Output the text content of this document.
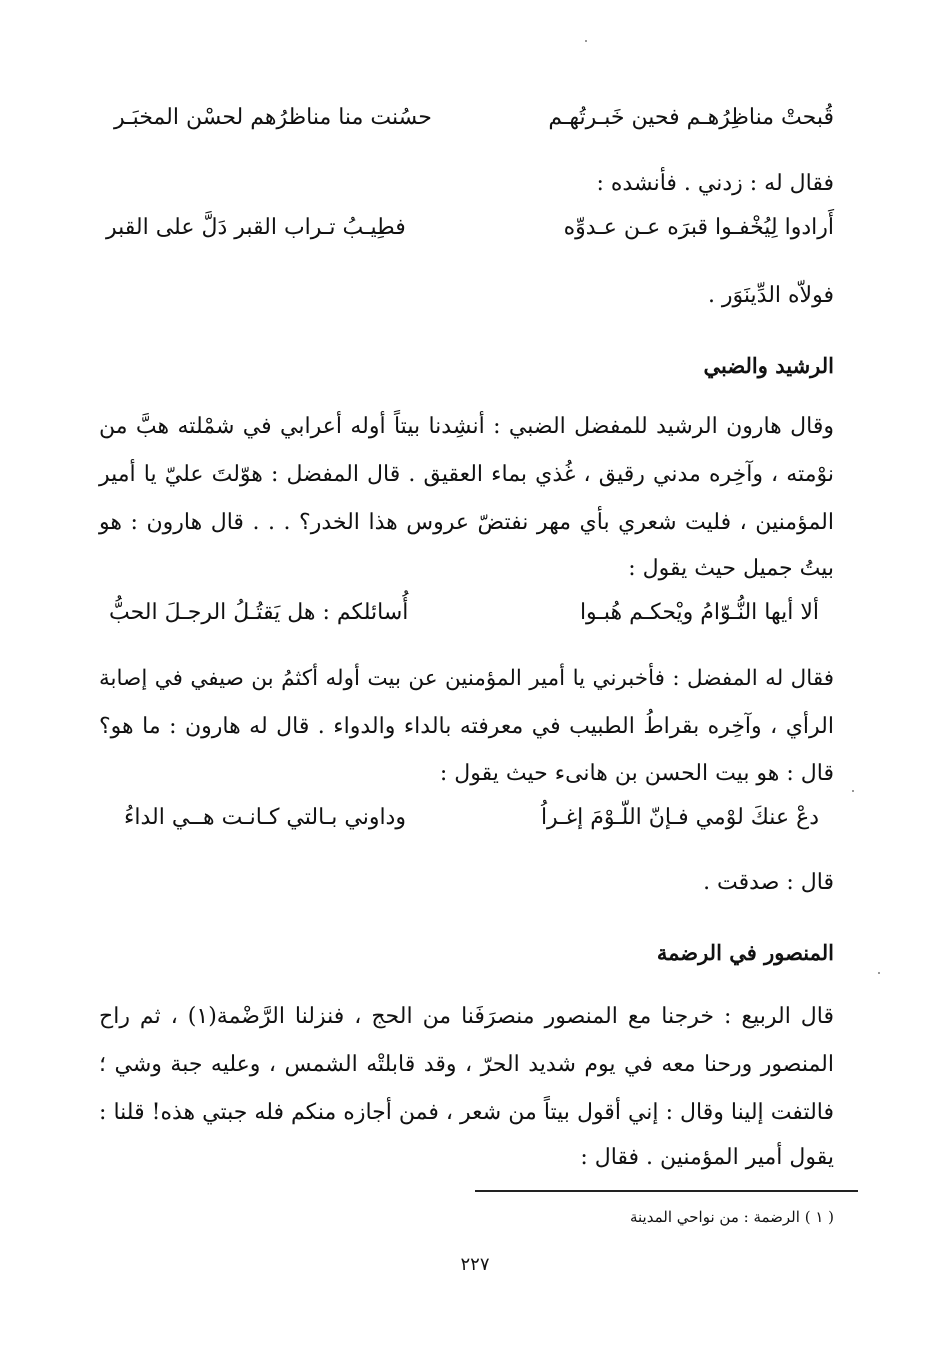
قُبحتْ مناظِرُهـم فحين خَبـرتُهـم
حسُنت منا مناظرُهم لحسْن المخبَـر
فقال له : زدني . فأنشده :
أَرادوا لِيُخْفـوا قبرَه عـن عـدوِّه
فطِيـبُ تـراب القبر دَلَّ على القبر
فولاّه الدِّينَوَر .
الرشيد والضبي
وقال هارون الرشيد للمفضل الضبي : أنشِدنا بيتاً أوله أعرابي في شمْلته هبَّ من
نوْمته ، وآخِره مدني رقيق ، غُذي بماء العقيق . قال المفضل : هوّلتَ عليّ يا أمير
المؤمنين ، فليت شعري بأي مهر نفتضّ عروس هذا الخدر؟ . . . قال هارون : هو
بيتُ جميل حيث يقول :
ألا أيها النُّـوّامُ ويْحكـم هُبـوا
أُسائلكم : هل يَقتُـلُ الرجـلَ الحبُّ
فقال له المفضل : فأخبرني يا أمير المؤمنين عن بيت أوله أكثمُ بن صيفي في إصابة
الرأي ، وآخِره بقراطُ الطبيب في معرفته بالداء والدواء . قال له هارون : ما هو؟
قال : هو بيت الحسن بن هانىء حيث يقول :
دعْ عنكَ لوْمي فـإنّ اللّـوْمَ إغـراُ
وداوني بـالتي كـانـت هــي الداءُ
قال : صدقت .
المنصور في الرضمة
قال الربيع : خرجنا مع المنصور منصرَفَنا من الحج ، فنزلنا الرَّضْمة(١) ، ثم راح
المنصور ورحنا معه في يوم شديد الحرّ ، وقد قابلتْه الشمس ، وعليه جبة وشي ؛
فالتفت إلينا وقال : إني أقول بيتاً من شعر ، فمن أجازه منكم فله جبتي هذه! قلنا :
يقول أمير المؤمنين . فقال :
( ١ ) الرضمة : من نواحي المدينة
٢٢٧
